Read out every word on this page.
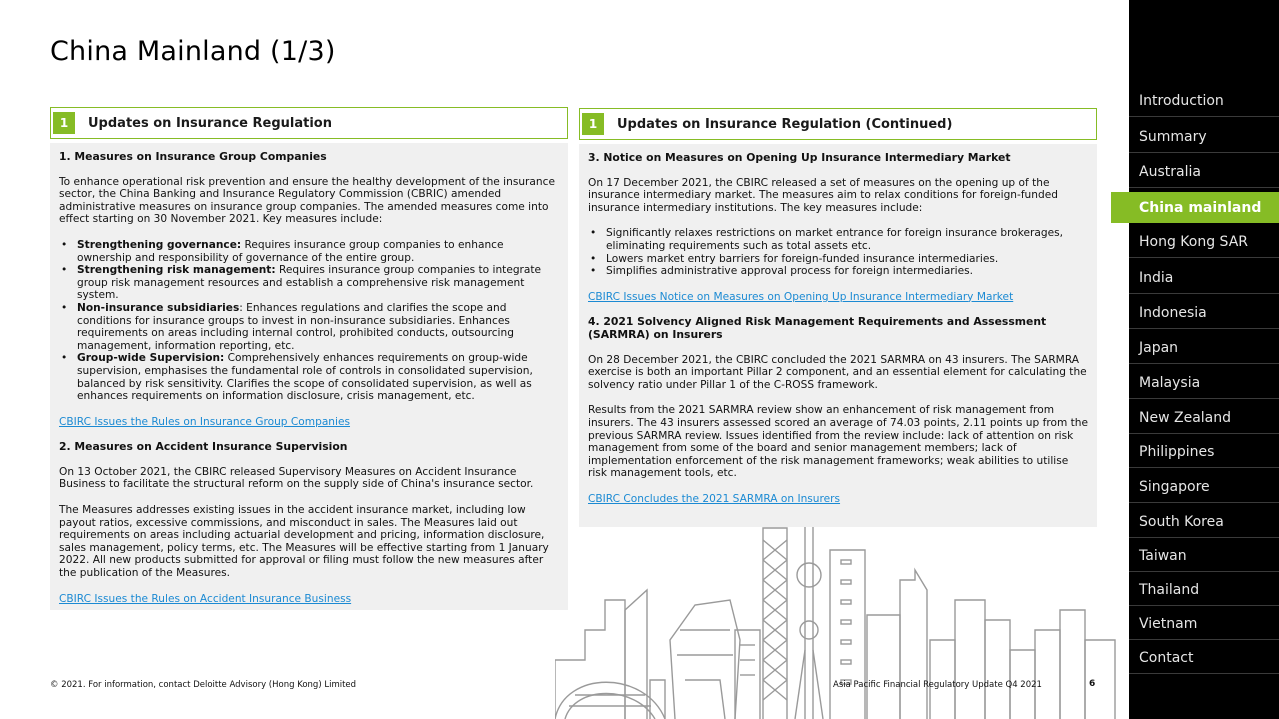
China Mainland (1/3)
1	Updates on Insurance Regulation
1. Measures on Insurance Group Companies
To enhance operational risk prevention and ensure the healthy development of the insurance sector, the China Banking and Insurance Regulatory Commission (CBRIC) amended administrative measures on insurance group companies. The amended measures come into effect starting on 30 November 2021. Key measures include:
• Strengthening governance: Requires insurance group companies to enhance ownership and responsibility of governance of the entire group.
• Strengthening risk management: Requires insurance group companies to integrate group risk management resources and establish a comprehensive risk management system.
• Non-insurance subsidiaries: Enhances regulations and clarifies the scope and conditions for insurance groups to invest in non-insurance subsidiaries. Enhances requirements on areas including internal control, prohibited conducts, outsourcing management, information reporting, etc.
• Group-wide Supervision: Comprehensively enhances requirements on group-wide supervision, emphasises the fundamental role of controls in consolidated supervision, balanced by risk sensitivity. Clarifies the scope of consolidated supervision, as well as enhances requirements on information disclosure, crisis management, etc.
CBIRC Issues the Rules on Insurance Group Companies
2. Measures on Accident Insurance Supervision
On 13 October 2021, the CBIRC released Supervisory Measures on Accident Insurance Business to facilitate the structural reform on the supply side of China's insurance sector.
The Measures addresses existing issues in the accident insurance market, including low payout ratios, excessive commissions, and misconduct in sales. The Measures laid out requirements on areas including actuarial development and pricing, information disclosure, sales management, policy terms, etc. The Measures will be effective starting from 1 January 2022. All new products submitted for approval or filing must follow the new measures after the publication of the Measures.
CBIRC Issues the Rules on Accident Insurance Business
1	Updates on Insurance Regulation (Continued)
3. Notice on Measures on Opening Up Insurance Intermediary Market
On 17 December 2021, the CBIRC released a set of measures on the opening up of the insurance intermediary market. The measures aim to relax conditions for foreign-funded insurance intermediary institutions. The key measures include:
• Significantly relaxes restrictions on market entrance for foreign insurance brokerages, eliminating requirements such as total assets etc.
• Lowers market entry barriers for foreign-funded insurance intermediaries.
• Simplifies administrative approval process for foreign intermediaries.
CBIRC Issues Notice on Measures on Opening Up Insurance Intermediary Market
4. 2021 Solvency Aligned Risk Management Requirements and Assessment (SARMRA) on Insurers
On 28 December 2021, the CBIRC concluded the 2021 SARMRA on 43 insurers. The SARMRA exercise is both an important Pillar 2 component, and an essential element for calculating the solvency ratio under Pillar 1 of the C-ROSS framework.
Results from the 2021 SARMRA review show an enhancement of risk management from insurers. The 43 insurers assessed scored an average of 74.03 points, 2.11 points up from the previous SARMRA review. Issues identified from the review include: lack of attention on risk management from some of the board and senior management members; lack of implementation enforcement of the risk management frameworks; weak abilities to utilise risk management tools, etc.
CBIRC Concludes the 2021 SARMRA on Insurers
© 2021. For information, contact Deloitte Advisory (Hong Kong) Limited	Asia Pacific Financial Regulatory Update Q4 2021	6
Introduction
Summary
Australia
China mainland
Hong Kong SAR
India
Indonesia
Japan
Malaysia
New Zealand
Philippines
Singapore
South Korea
Taiwan
Thailand
Vietnam
Contact
